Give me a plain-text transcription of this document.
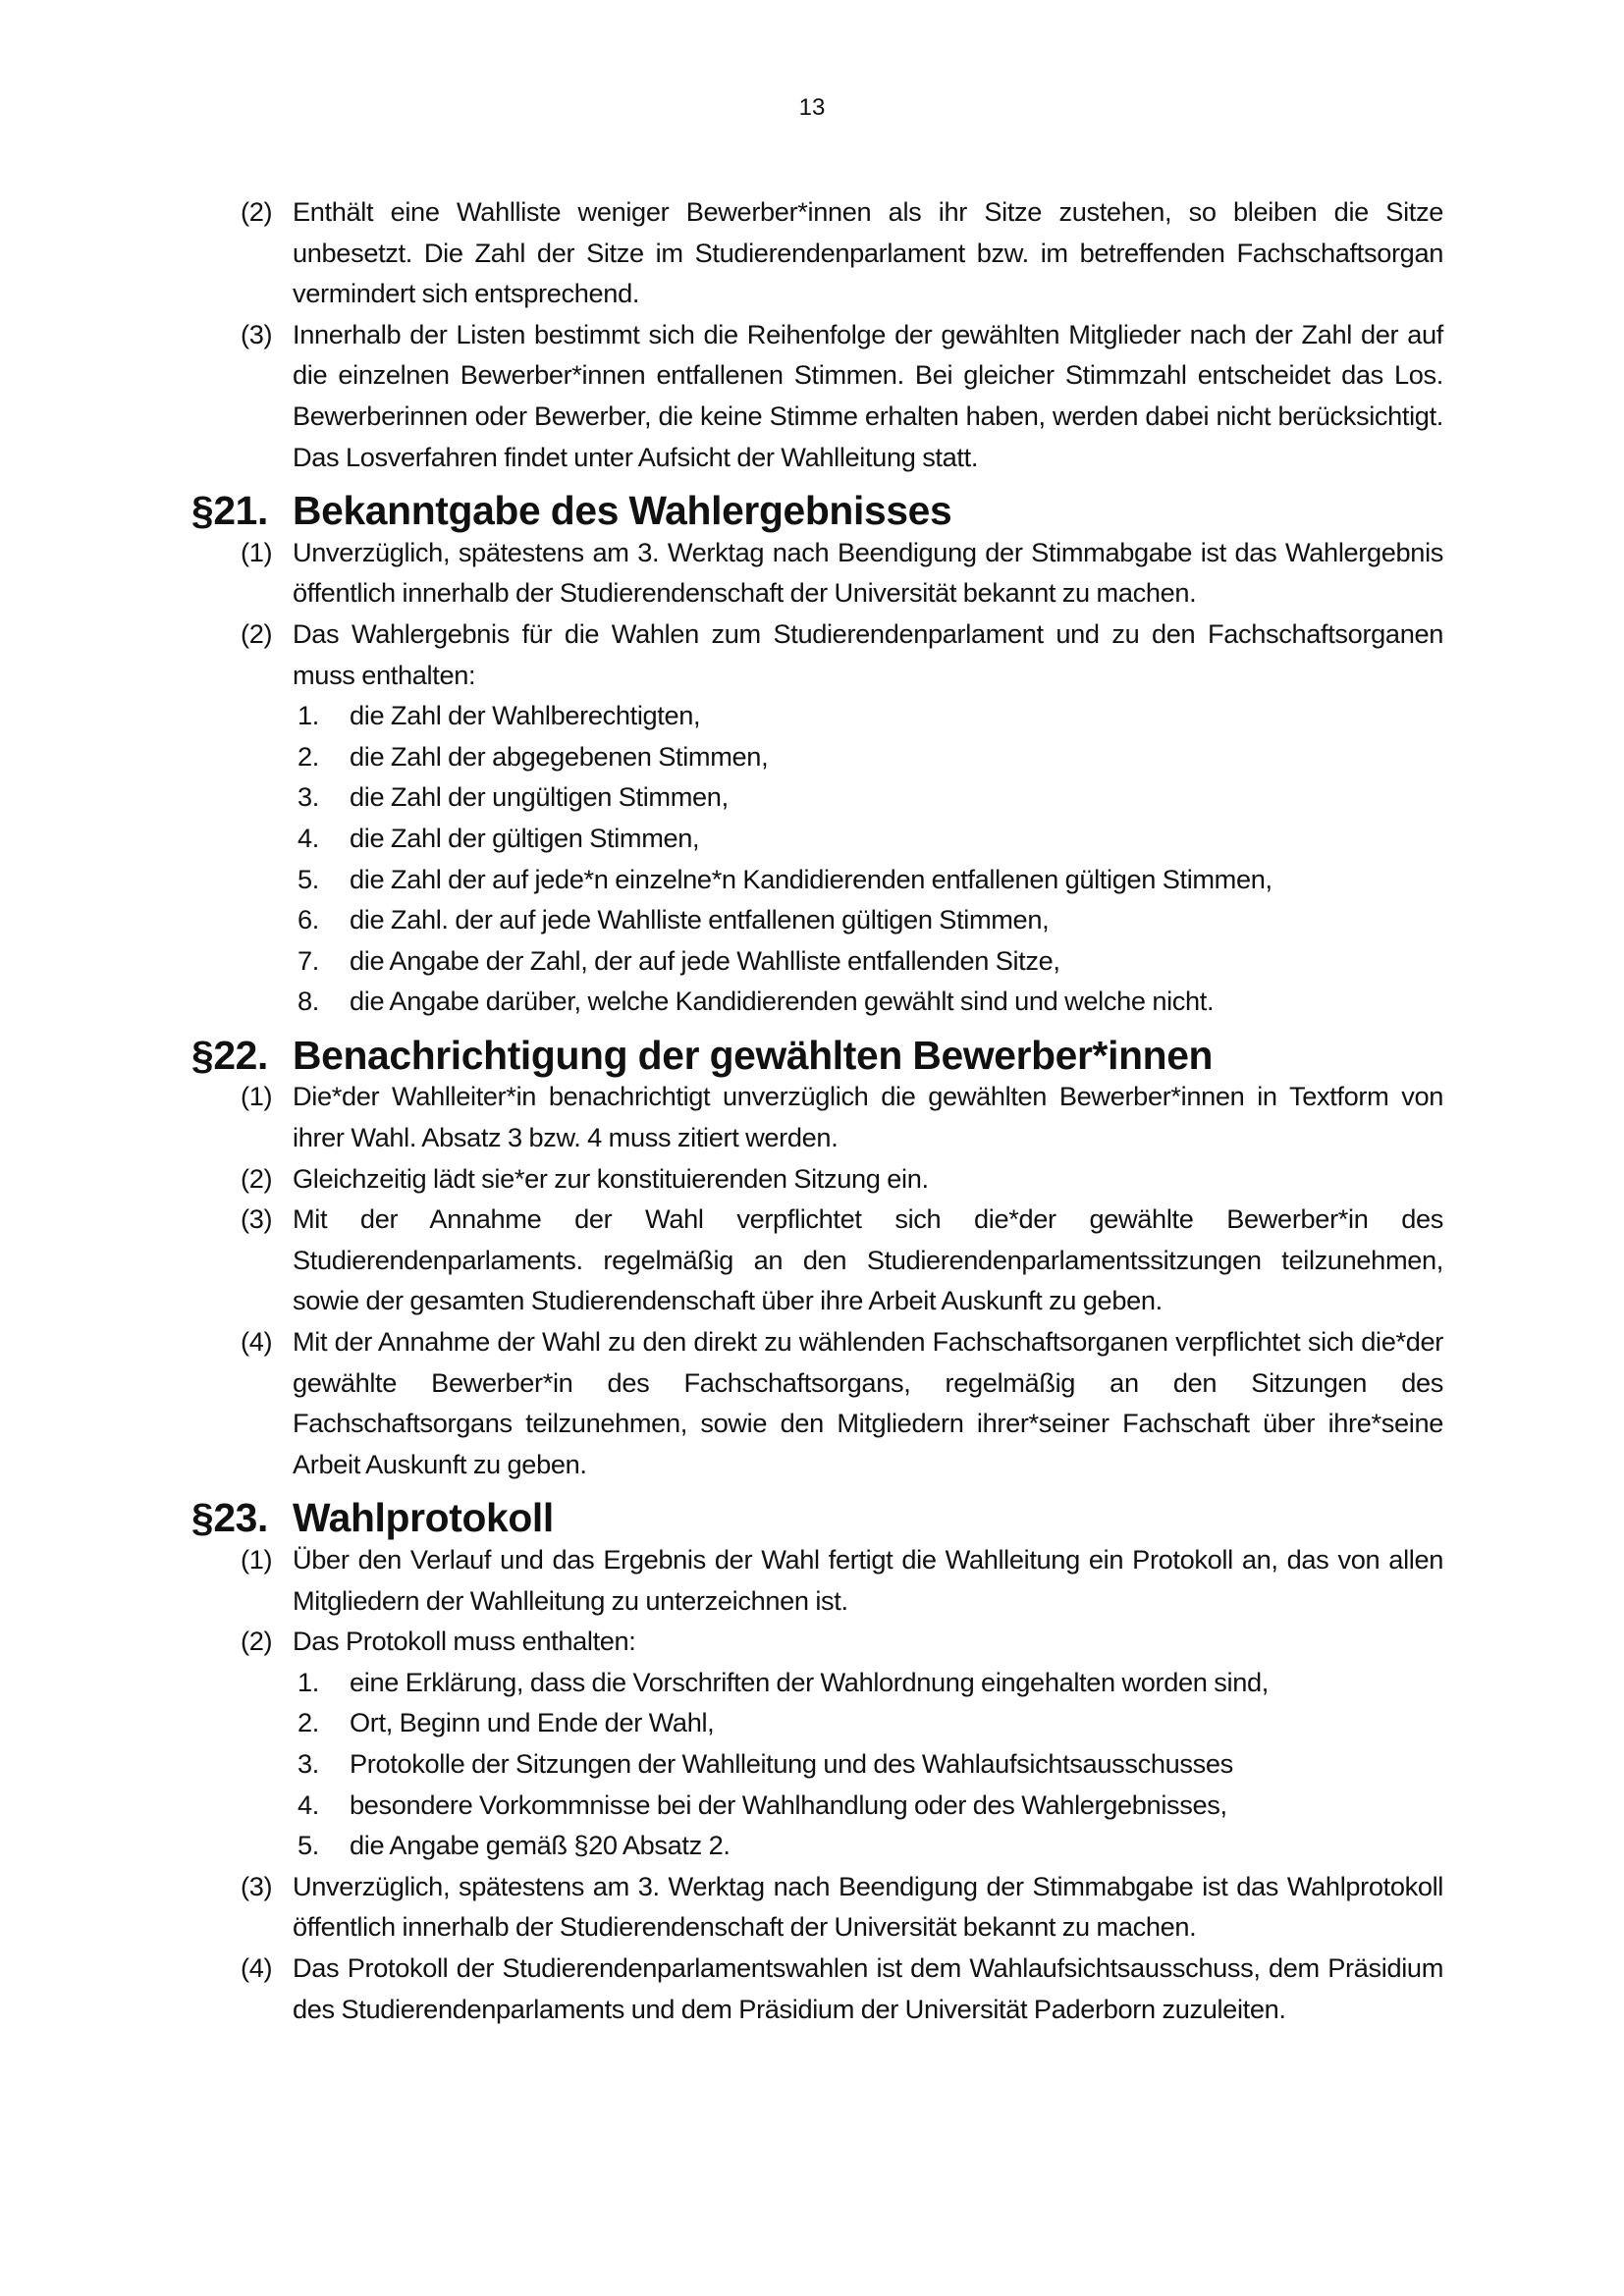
13

(2) Enthält eine Wahlliste weniger Bewerber*innen als ihr Sitze zustehen, so bleiben die Sitze unbesetzt. Die Zahl der Sitze im Studierendenparlament bzw. im betreffenden Fachschaftsorgan vermindert sich entsprechend.

(3) Innerhalb der Listen bestimmt sich die Reihenfolge der gewählten Mitglieder nach der Zahl der auf die einzelnen Bewerber*innen entfallenen Stimmen. Bei gleicher Stimmzahl entscheidet das Los. Bewerberinnen oder Bewerber, die keine Stimme erhalten haben, werden dabei nicht berücksichtigt. Das Losverfahren findet unter Aufsicht der Wahlleitung statt.

§21. Bekanntgabe des Wahlergebnisses

(1) Unverzüglich, spätestens am 3. Werktag nach Beendigung der Stimmabgabe ist das Wahlergebnis öffentlich innerhalb der Studierendenschaft der Universität bekannt zu machen.

(2) Das Wahlergebnis für die Wahlen zum Studierendenparlament und zu den Fachschaftsorganen muss enthalten:

1. die Zahl der Wahlberechtigten,

2. die Zahl der abgegebenen Stimmen,

3. die Zahl der ungültigen Stimmen,

4. die Zahl der gültigen Stimmen,

5. die Zahl der auf jede*n einzelne*n Kandidierenden entfallenen gültigen Stimmen,

6. die Zahl. der auf jede Wahlliste entfallenen gültigen Stimmen,

7. die Angabe der Zahl, der auf jede Wahlliste entfallenden Sitze,

8. die Angabe darüber, welche Kandidierenden gewählt sind und welche nicht.

§22. Benachrichtigung der gewählten Bewerber*innen

(1) Die*der Wahlleiter*in benachrichtigt unverzüglich die gewählten Bewerber*innen in Textform von ihrer Wahl. Absatz 3 bzw. 4 muss zitiert werden.

(2) Gleichzeitig lädt sie*er zur konstituierenden Sitzung ein.

(3) Mit der Annahme der Wahl verpflichtet sich die*der gewählte Bewerber*in des Studierendenparlaments. regelmäßig an den Studierendenparlamentssitzungen teilzunehmen, sowie der gesamten Studierendenschaft über ihre Arbeit Auskunft zu geben.

(4) Mit der Annahme der Wahl zu den direkt zu wählenden Fachschaftsorganen verpflichtet sich die*der gewählte Bewerber*in des Fachschaftsorgans, regelmäßig an den Sitzungen des Fachschaftsorgans teilzunehmen, sowie den Mitgliedern ihrer*seiner Fachschaft über ihre*seine Arbeit Auskunft zu geben.

§23. Wahlprotokoll

(1) Über den Verlauf und das Ergebnis der Wahl fertigt die Wahlleitung ein Protokoll an, das von allen Mitgliedern der Wahlleitung zu unterzeichnen ist.

(2) Das Protokoll muss enthalten:

1. eine Erklärung, dass die Vorschriften der Wahlordnung eingehalten worden sind,

2. Ort, Beginn und Ende der Wahl,

3. Protokolle der Sitzungen der Wahlleitung und des Wahlaufsichtsausschusses

4. besondere Vorkommnisse bei der Wahlhandlung oder des Wahlergebnisses,

5. die Angabe gemäß §20 Absatz 2.

(3) Unverzüglich, spätestens am 3. Werktag nach Beendigung der Stimmabgabe ist das Wahlprotokoll öffentlich innerhalb der Studierendenschaft der Universität bekannt zu machen.

(4) Das Protokoll der Studierendenparlamentswahlen ist dem Wahlaufsichtsausschuss, dem Präsidium des Studierendenparlaments und dem Präsidium der Universität Paderborn zuzuleiten.
